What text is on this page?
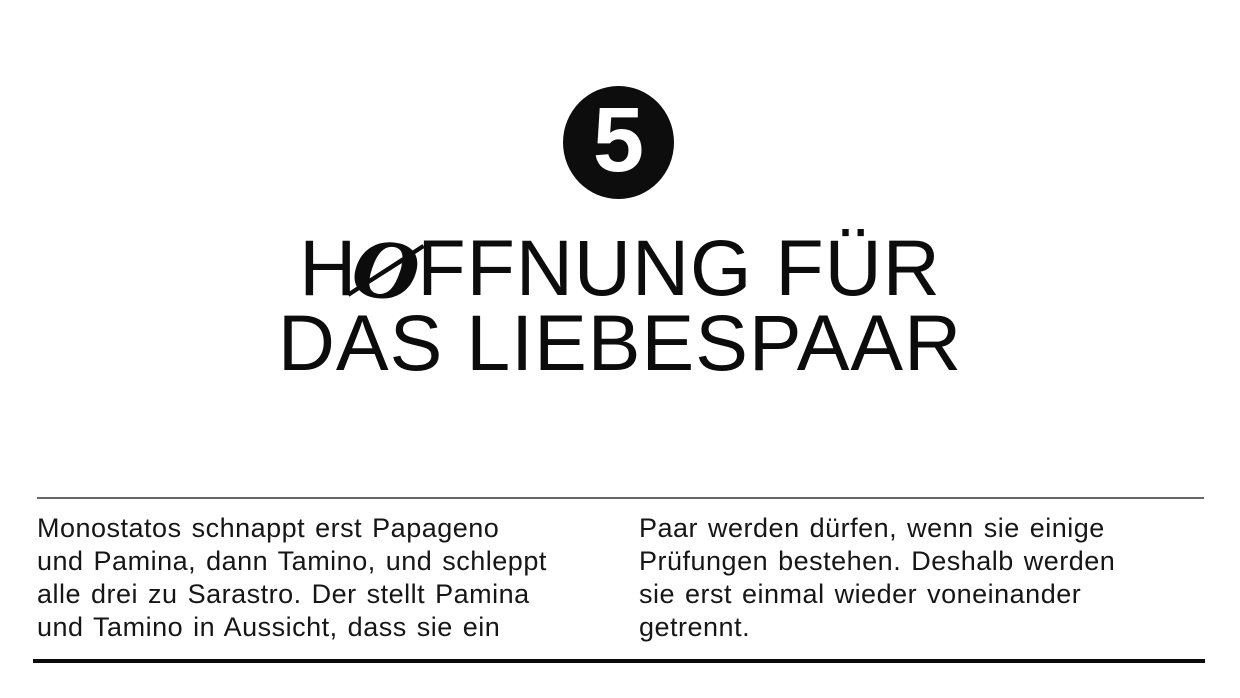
5
HØFFNUNG FÜR
DAS LIEBESPAAR
Monostatos schnappt erst Papageno
und Pamina, dann Tamino, und schleppt
alle drei zu Sarastro. Der stellt Pamina
und Tamino in Aussicht, dass sie ein
Paar werden dürfen, wenn sie einige
Prüfungen bestehen. Deshalb werden
sie erst einmal wieder voneinander
getrennt.
